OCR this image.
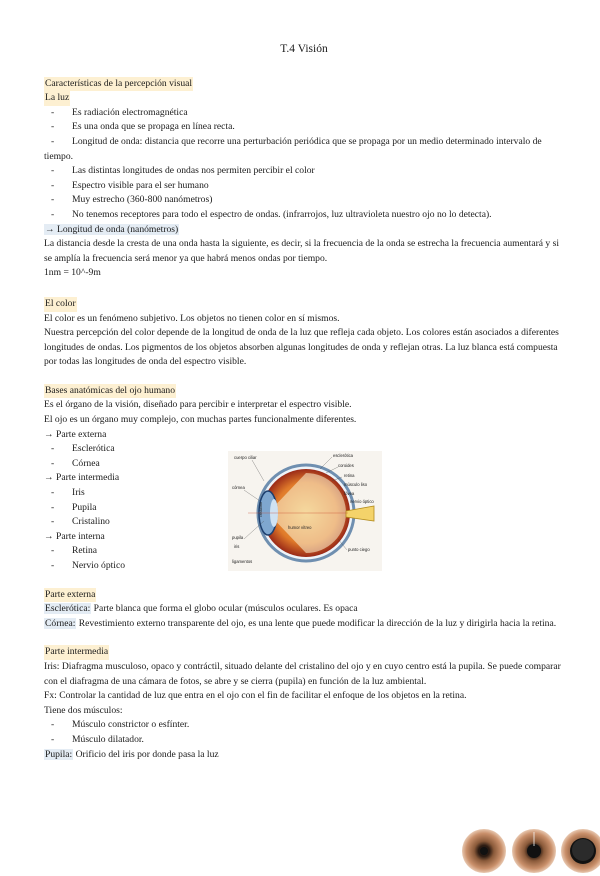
T.4 Visión
Características de la percepción visual
La luz
- Es radiación electromagnética
- Es una onda que se propaga en línea recta.
- Longitud de onda: distancia que recorre una perturbación periódica que se propaga por un medio determinado intervalo de tiempo.
- Las distintas longitudes de ondas nos permiten percibir el color
- Espectro visible para el ser humano
- Muy estrecho (360-800 nanómetros)
- No tenemos receptores para todo el espectro de ondas. (infrarrojos, luz ultravioleta nuestro ojo no lo detecta).
→ Longitud de onda (nanómetros)

La distancia desde la cresta de una onda hasta la siguiente, es decir, si la frecuencia de la onda se estrecha la frecuencia aumentará y si se amplía la frecuencia será menor ya que habrá menos ondas por tiempo.

1nm = 10^-9m

El color

El color es un fenómeno subjetivo. Los objetos no tienen color en sí mismos.

Nuestra percepción del color depende de la longitud de onda de la luz que refleja cada objeto. Los colores están asociados a diferentes longitudes de ondas. Los pigmentos de los objetos absorben algunas longitudes de onda y reflejan otras. La luz blanca está compuesta por todas las longitudes de onda del espectro visible.

Bases anatómicas del ojo humano

Es el órgano de la visión, diseñado para percibir e interpretar el espectro visible.

El ojo es un órgano muy complejo, con muchas partes funcionalmente diferentes.

→ Parte externa
- Esclerótica
- Córnea
→ Parte intermedia
- Iris
- Pupila
- Cristalino
→ Parte interna
- Retina
- Nervio óptico
Parte externa

Esclerótica: Parte blanca que forma el globo ocular (músculos oculares. Es opaca

Córnea: Revestimiento externo transparente del ojo, es una lente que puede modificar la dirección de la luz y dirigirla hacia la retina.

Parte intermedia

Iris: Diafragma musculoso, opaco y contráctil, situado delante del cristalino del ojo y en cuyo centro está la pupila. Se puede comparar con el diafragma de una cámara de fotos, se abre y se cierra (pupila) en función de la luz ambiental.

Fx: Controlar la cantidad de luz que entra en el ojo con el fin de facilitar el enfoque de los objetos en la retina.

Tiene dos músculos:

- Músculo constrictor o esfínter.
- Músculo dilatador.

Pupila: Orificio del iris por donde pasa la luz

cuerpo ciliar	esclerótica
coroides
retina
músculo liso
fóvea
nervio óptico
córnea
humor vítreo
pupila
iris
ligamentos
punto ciego
cristalino
